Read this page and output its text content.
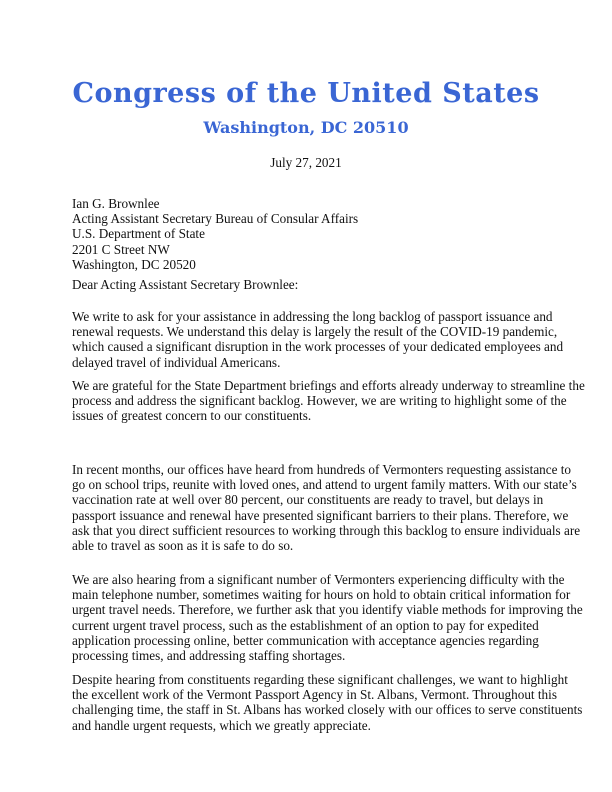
Congress of the United States
Washington, DC 20510
July 27, 2021
Ian G. Brownlee
Acting Assistant Secretary Bureau of Consular Affairs
U.S. Department of State
2201 C Street NW
Washington, DC 20520
Dear Acting Assistant Secretary Brownlee:
We write to ask for your assistance in addressing the long backlog of passport issuance and
renewal requests. We understand this delay is largely the result of the COVID-19 pandemic,
which caused a significant disruption in the work processes of your dedicated employees and
delayed travel of individual Americans.
We are grateful for the State Department briefings and efforts already underway to streamline the
process and address the significant backlog. However, we are writing to highlight some of the
issues of greatest concern to our constituents.
In recent months, our offices have heard from hundreds of Vermonters requesting assistance to
go on school trips, reunite with loved ones, and attend to urgent family matters. With our state’s
vaccination rate at well over 80 percent, our constituents are ready to travel, but delays in
passport issuance and renewal have presented significant barriers to their plans. Therefore, we
ask that you direct sufficient resources to working through this backlog to ensure individuals are
able to travel as soon as it is safe to do so.
We are also hearing from a significant number of Vermonters experiencing difficulty with the
main telephone number, sometimes waiting for hours on hold to obtain critical information for
urgent travel needs. Therefore, we further ask that you identify viable methods for improving the
current urgent travel process, such as the establishment of an option to pay for expedited
application processing online, better communication with acceptance agencies regarding
processing times, and addressing staffing shortages.
Despite hearing from constituents regarding these significant challenges, we want to highlight
the excellent work of the Vermont Passport Agency in St. Albans, Vermont. Throughout this
challenging time, the staff in St. Albans has worked closely with our offices to serve constituents
and handle urgent requests, which we greatly appreciate.
